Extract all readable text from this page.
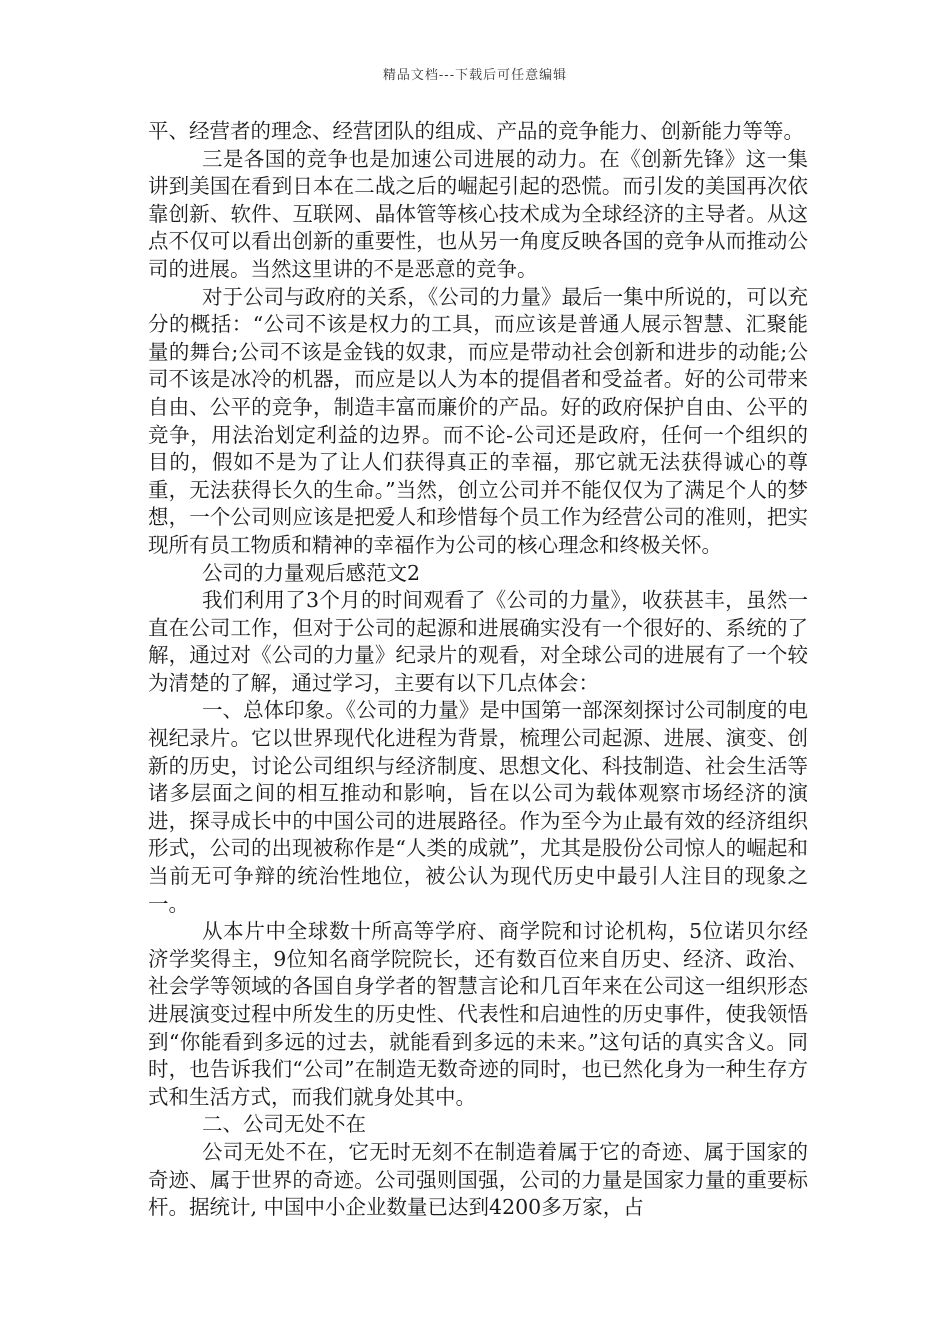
精品文档---下载后可任意编辑

平、经营者的理念、经营团队的组成、产品的竞争能力、创新能力等等。

三是各国的竞争也是加速公司进展的动力。在《创新先锋》这一集讲到美国在看到日本在二战之后的崛起引起的恐慌。而引发的美国再次依靠创新、软件、互联网、晶体管等核心技术成为全球经济的主导者。从这点不仅可以看出创新的重要性，也从另一角度反映各国的竞争从而推动公司的进展。当然这里讲的不是恶意的竞争。

对于公司与政府的关系，《公司的力量》最后一集中所说的，可以充分的概括：“公司不该是权力的工具，而应该是普通人展示智慧、汇聚能量的舞台;公司不该是金钱的奴隶，而应是带动社会创新和进步的动能;公司不该是冰冷的机器，而应是以人为本的提倡者和受益者。好的公司带来自由、公平的竞争，制造丰富而廉价的产品。好的政府保护自由、公平的竞争，用法治划定利益的边界。而不论-公司还是政府，任何一个组织的目的，假如不是为了让人们获得真正的幸福，那它就无法获得诚心的尊重，无法获得长久的生命。”当然，创立公司并不能仅仅为了满足个人的梦想，一个公司则应该是把爱人和珍惜每个员工作为经营公司的准则，把实现所有员工物质和精神的幸福作为公司的核心理念和终极关怀。

公司的力量观后感范文2

我们利用了3个月的时间观看了《公司的力量》，收获甚丰，虽然一直在公司工作，但对于公司的起源和进展确实没有一个很好的、系统的了解，通过对《公司的力量》纪录片的观看，对全球公司的进展有了一个较为清楚的了解，通过学习，主要有以下几点体会：

一、总体印象。《公司的力量》是中国第一部深刻探讨公司制度的电视纪录片。它以世界现代化进程为背景，梳理公司起源、进展、演变、创新的历史，讨论公司组织与经济制度、思想文化、科技制造、社会生活等诸多层面之间的相互推动和影响，旨在以公司为载体观察市场经济的演进，探寻成长中的中国公司的进展路径。作为至今为止最有效的经济组织形式，公司的出现被称作是“人类的成就”，尤其是股份公司惊人的崛起和当前无可争辩的统治性地位，被公认为现代历史中最引人注目的现象之一。

从本片中全球数十所高等学府、商学院和讨论机构，5位诺贝尔经济学奖得主，9位知名商学院院长，还有数百位来自历史、经济、政治、社会学等领域的各国自身学者的智慧言论和几百年来在公司这一组织形态进展演变过程中所发生的历史性、代表性和启迪性的历史事件，使我领悟到“你能看到多远的过去，就能看到多远的未来。”这句话的真实含义。同时，也告诉我们“公司”在制造无数奇迹的同时，也已然化身为一种生存方式和生活方式，而我们就身处其中。

二、公司无处不在

公司无处不在，它无时无刻不在制造着属于它的奇迹、属于国家的奇迹、属于世界的奇迹。公司强则国强，公司的力量是国家力量的重要标杆。据统计, 中国中小企业数量已达到4200多万家，占
